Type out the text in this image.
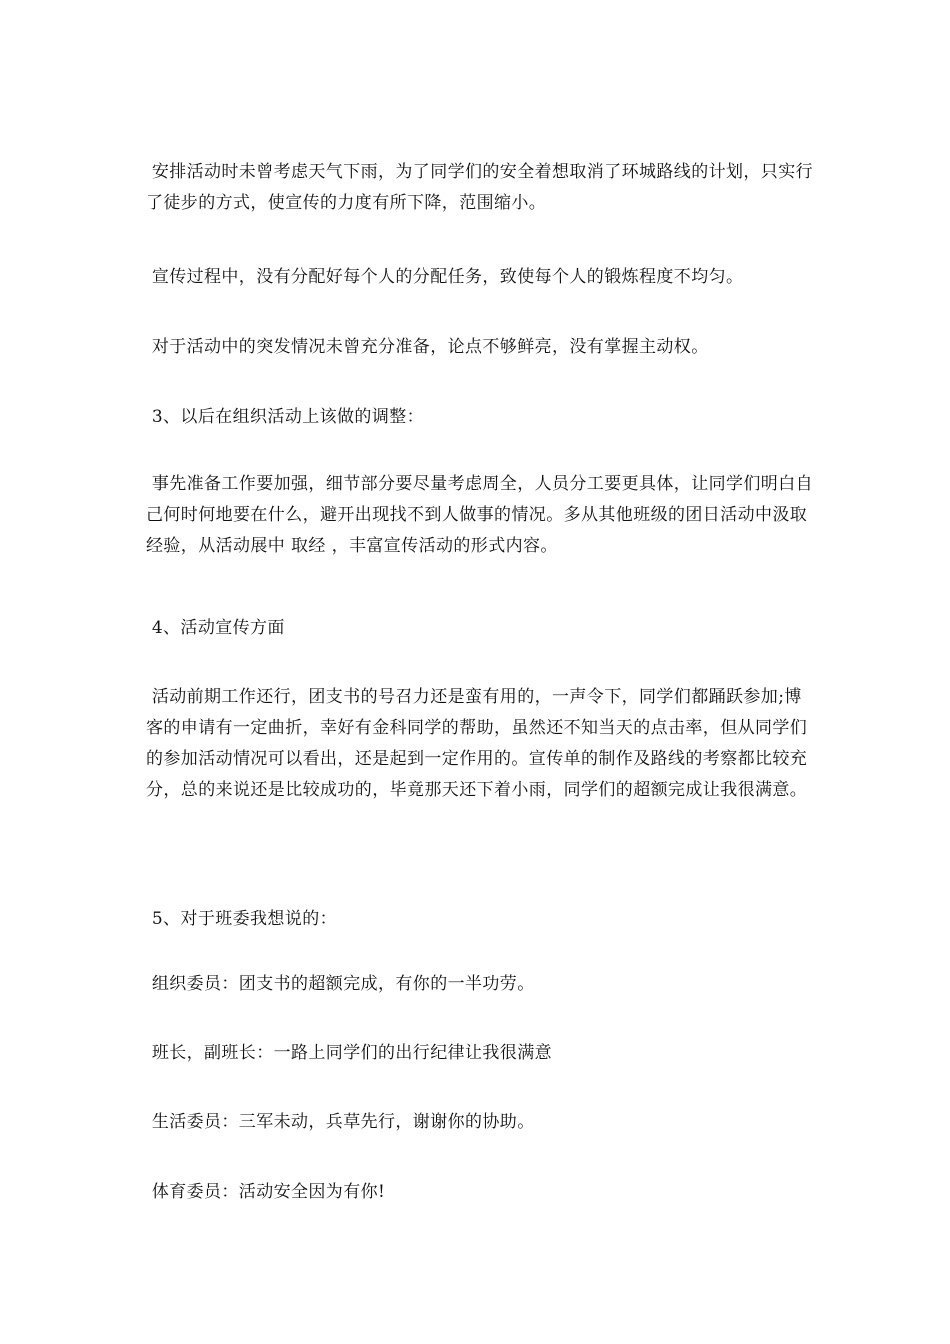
安排活动时未曾考虑天气下雨，为了同学们的安全着想取消了环城路线的计划，只实行了徒步的方式，使宣传的力度有所下降，范围缩小。

宣传过程中，没有分配好每个人的分配任务，致使每个人的锻炼程度不均匀。

对于活动中的突发情况未曾充分准备，论点不够鲜亮，没有掌握主动权。

3、以后在组织活动上该做的调整：

事先准备工作要加强，细节部分要尽量考虑周全，人员分工要更具体，让同学们明白自己何时何地要在什么，避开出现找不到人做事的情况。多从其他班级的团日活动中汲取经验，从活动展中 取经 ，丰富宣传活动的形式内容。

4、活动宣传方面

活动前期工作还行，团支书的号召力还是蛮有用的，一声令下，同学们都踊跃参加;博客的申请有一定曲折，幸好有金科同学的帮助，虽然还不知当天的点击率，但从同学们的参加活动情况可以看出，还是起到一定作用的。宣传单的制作及路线的考察都比较充分，总的来说还是比较成功的，毕竟那天还下着小雨，同学们的超额完成让我很满意。

5、对于班委我想说的：

组织委员：团支书的超额完成，有你的一半功劳。

班长，副班长：一路上同学们的出行纪律让我很满意

生活委员：三军未动，兵草先行，谢谢你的协助。

体育委员：活动安全因为有你!
